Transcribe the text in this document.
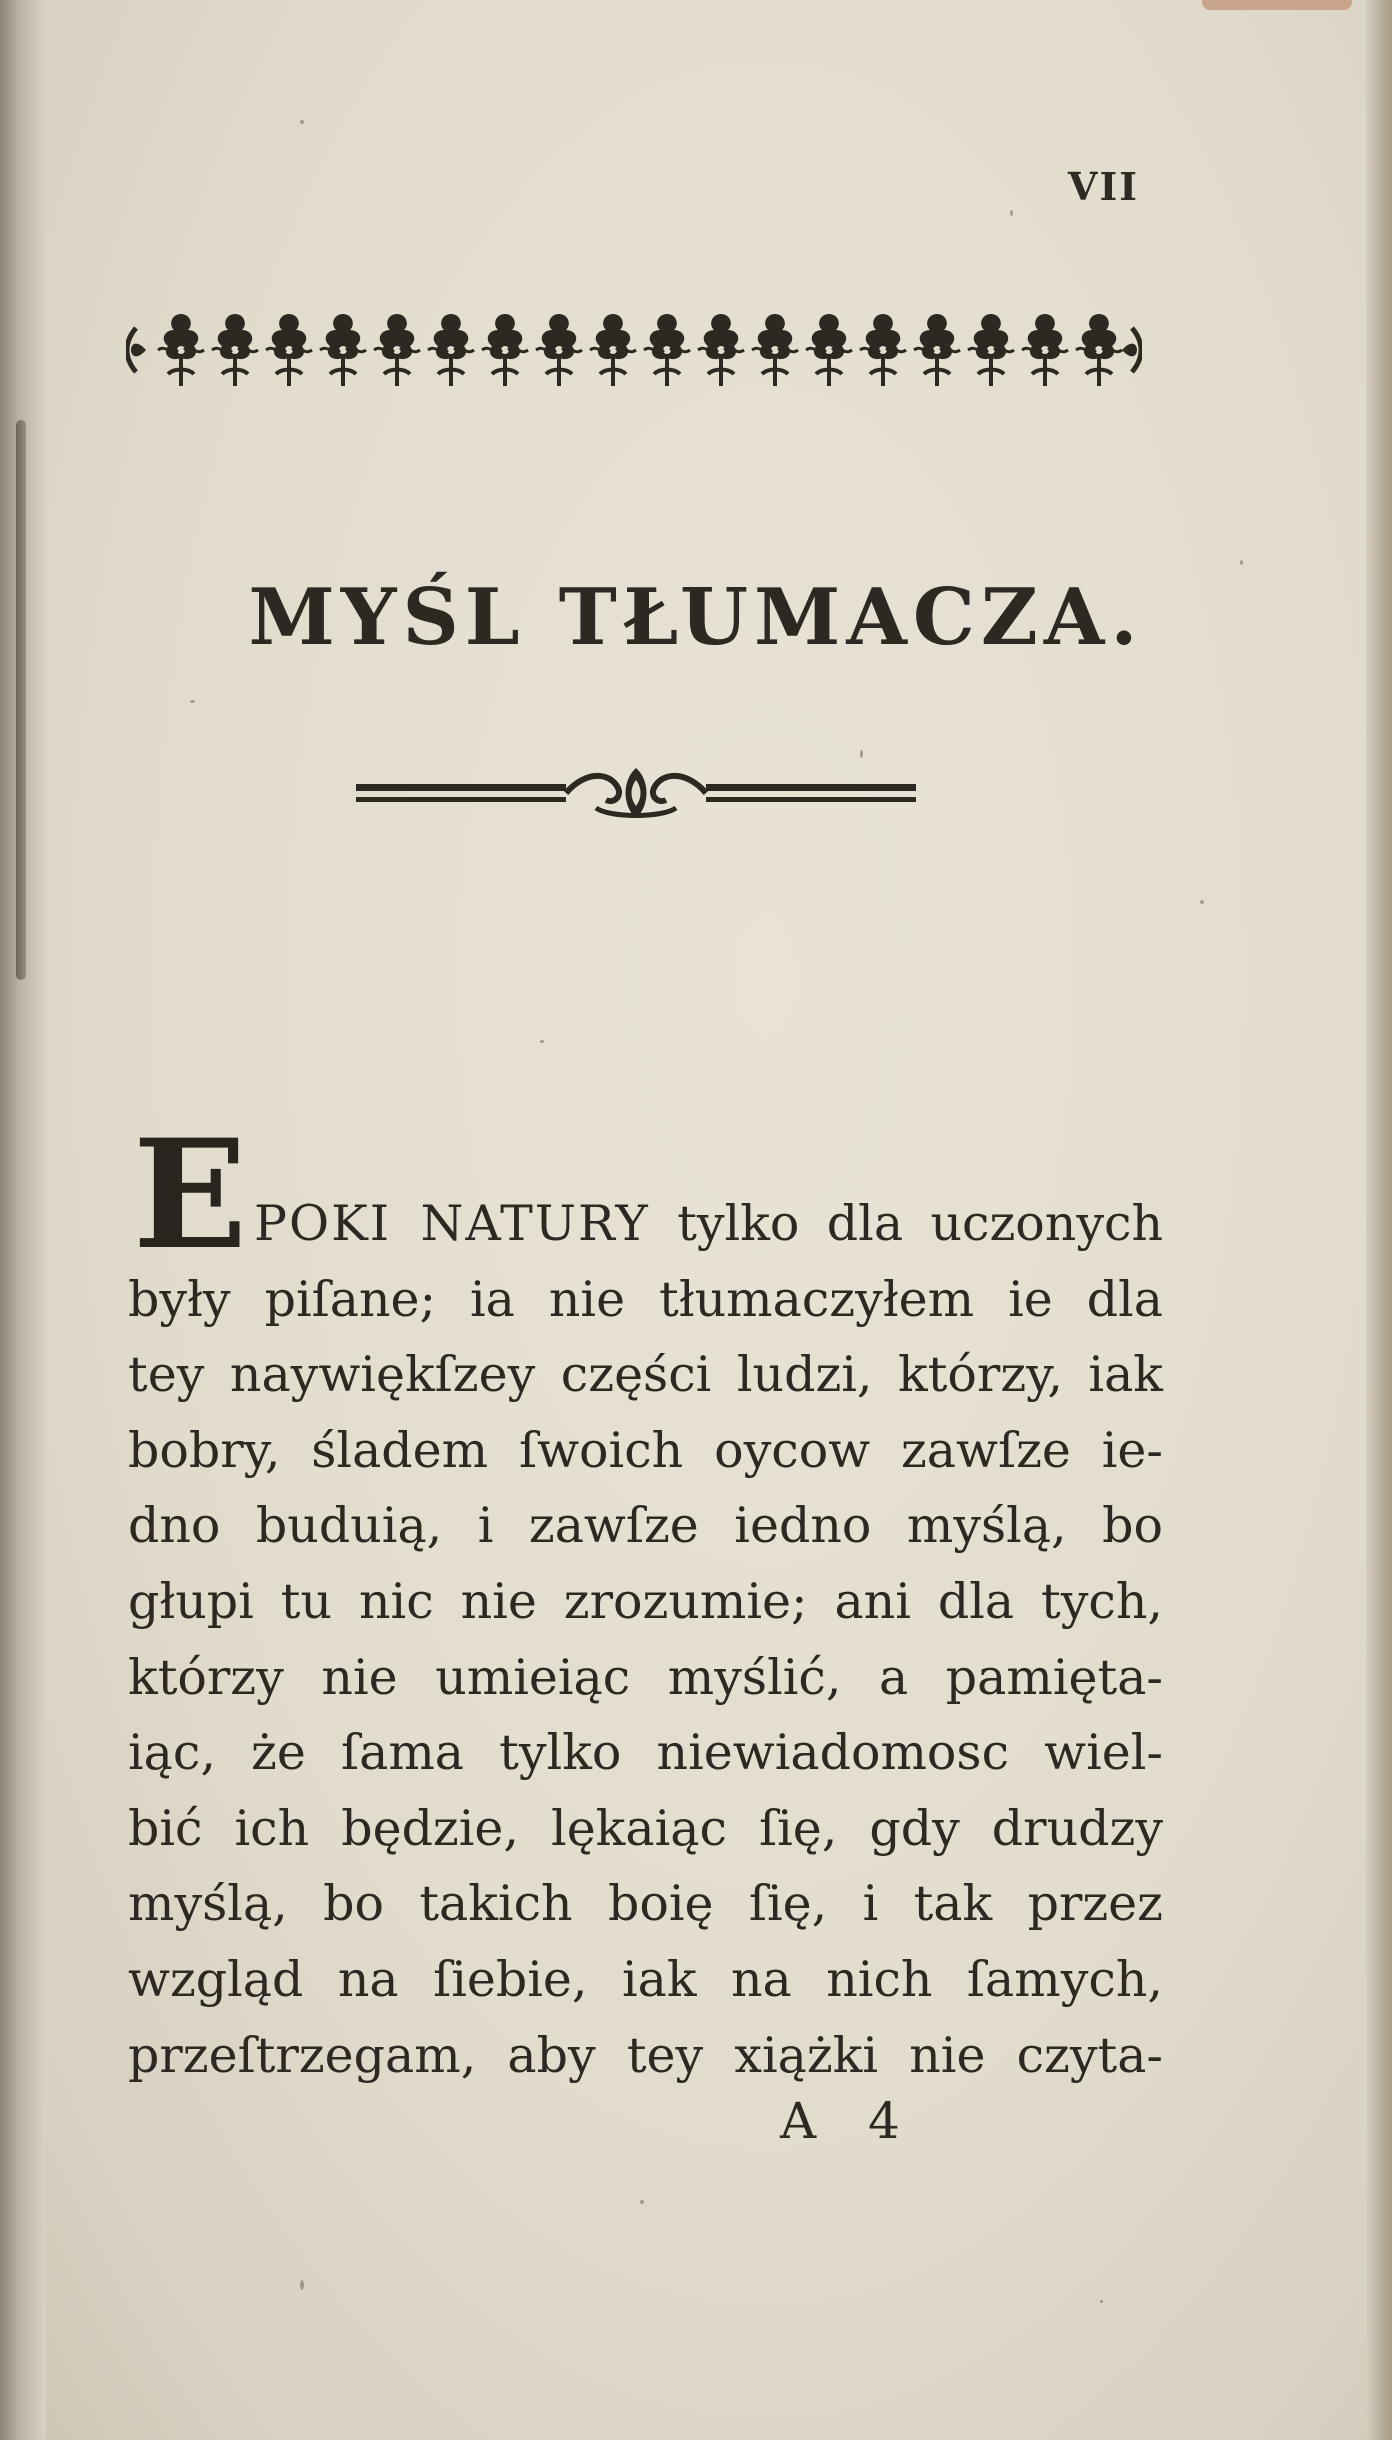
VII
MYŚL TŁUMACZA.
E POKI NATURY tylko dla uczonych
były piſane; ia nie tłumaczyłem ie dla
tey naywiękſzey części ludzi, którzy, iak
bobry, śladem ſwoich oycow zawſze ie-
dno buduią, i zawſze iedno myślą, bo
głupi tu nic nie zrozumie; ani dla tych,
którzy nie umieiąc myślić, a pamięta-
iąc, że ſama tylko niewiadomosc wiel-
bić ich będzie, lękaiąc ſię, gdy drudzy
myślą, bo takich boię ſię, i tak przez
wzgląd na ſiebie, iak na nich ſamych,
przeſtrzegam, aby tey xiążki nie czyta-
A 4
